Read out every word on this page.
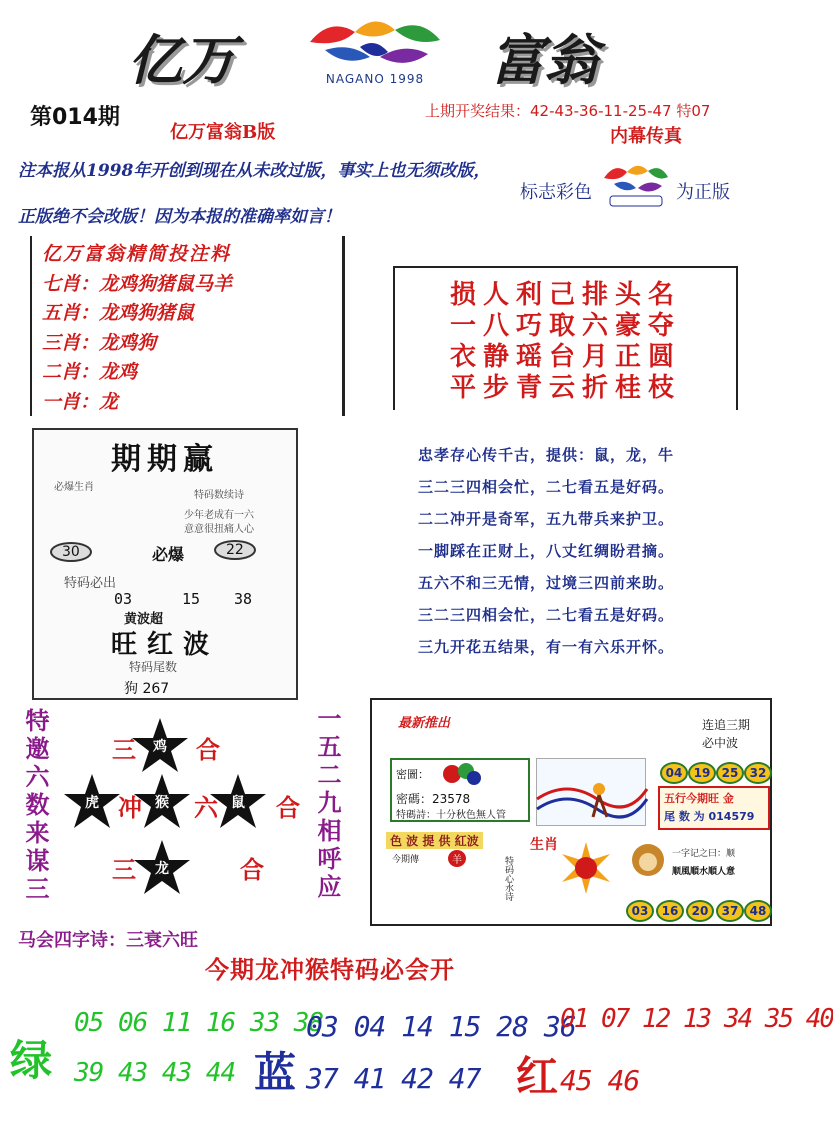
亿万	NAGANO 1998 富翁
第014期
亿万富翁B版
上期开奖结果：42-43-36-11-25-47 特07
内幕传真
注本报从1998年开创到现在从未改过版，事实上也无须改版，
正版绝不会改版！因为本报的准确率如言！
标志彩色	为正版
亿万富翁精简投注料
七肖：龙鸡狗猪鼠马羊
五肖：龙鸡狗猪鼠
三肖：龙鸡狗
二肖：龙鸡
一肖：龙
损人利己排头名
一八巧取六豪夺
衣静瑶台月正圆
平步青云折桂枝
期期赢
必爆生肖
特码数续诗
少年老成有一六
意意很扭痛人心
30	必爆	22
特码必出
03	15 38
黄波超
旺红波
特码尾数
狗 267
忠孝存心传千古，提供：鼠，龙，牛
三二三四相会忙，二七看五是好码。
二二冲开是奇军，五九带兵来护卫。
一脚踩在正财上，八丈红绸盼君摘。
五六不和三无情，过境三四前来助。
三二三四相会忙，二七看五是好码。
三九开花五结果，有一有六乐开怀。
特邀六数来谋三	一五二九相呼应
鸡
虎	猴	鼠
龙
三	合
冲 六 合
三	合
马会四字诗：三衰六旺
最新推出	连追三期
必中波
密圖：
密碼：23578
特碼詩：十分秋色無人管
04 19 25 32
五行今期旺 金
尾 数 为 014579
色 波 提 供 紅波	生肖
今期傳	羊	特码心水诗
一字记之曰：顺
顺風順水順人意
03	16	20	37 48
今期龙冲猴特码必会开
绿
05 06 11 16 33 38
39 43 43 44 蓝
03 04 14 15 28 36
37 41 42 47 红
01 07 12 13 34 35 40
45 46
